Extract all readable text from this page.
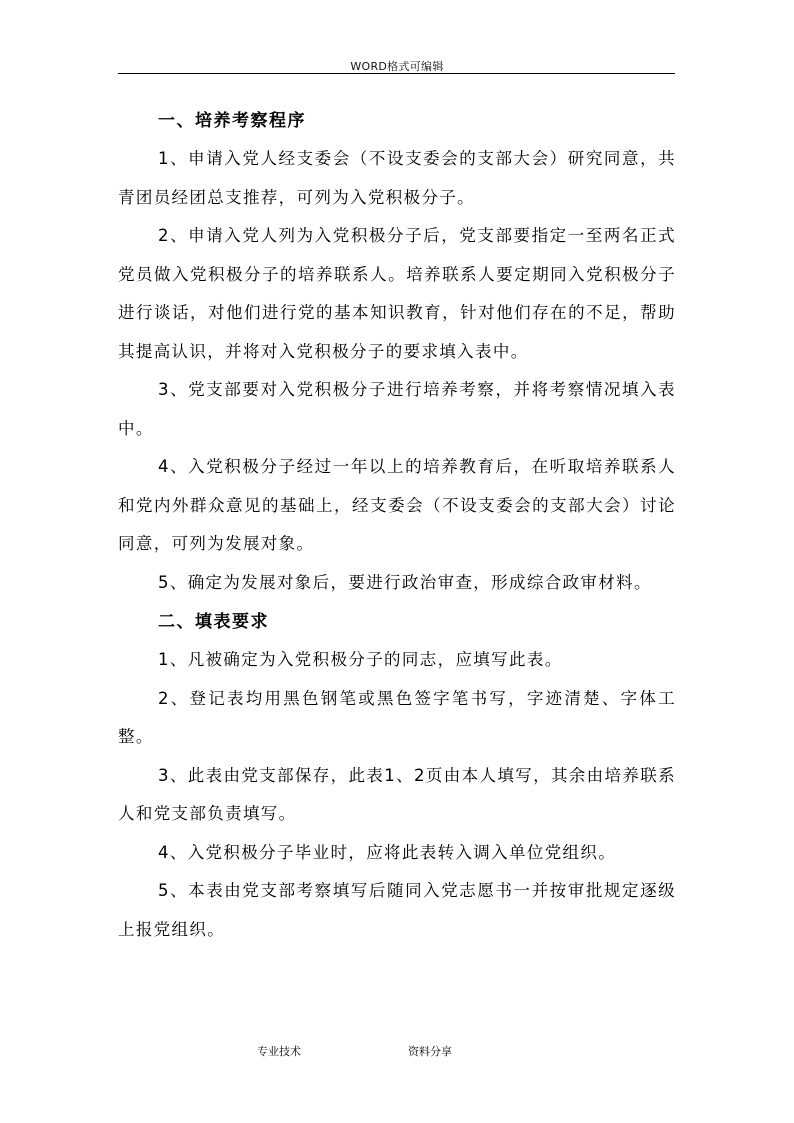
WORD格式可编辑
一、培养考察程序

1、申请入党人经支委会（不设支委会的支部大会）研究同意，共青团员经团总支推荐，可列为入党积极分子。

2、申请入党人列为入党积极分子后，党支部要指定一至两名正式党员做入党积极分子的培养联系人。培养联系人要定期同入党积极分子进行谈话，对他们进行党的基本知识教育，针对他们存在的不足，帮助其提高认识，并将对入党积极分子的要求填入表中。

3、党支部要对入党积极分子进行培养考察，并将考察情况填入表中。

4、入党积极分子经过一年以上的培养教育后，在听取培养联系人和党内外群众意见的基础上，经支委会（不设支委会的支部大会）讨论同意，可列为发展对象。

5、确定为发展对象后，要进行政治审查，形成综合政审材料。

二、填表要求

1、凡被确定为入党积极分子的同志，应填写此表。

2、登记表均用黑色钢笔或黑色签字笔书写，字迹清楚、字体工整。

3、此表由党支部保存，此表1、2页由本人填写，其余由培养联系人和党支部负责填写。

4、入党积极分子毕业时，应将此表转入调入单位党组织。

5、本表由党支部考察填写后随同入党志愿书一并按审批规定逐级上报党组织。

专业技术	资料分享
